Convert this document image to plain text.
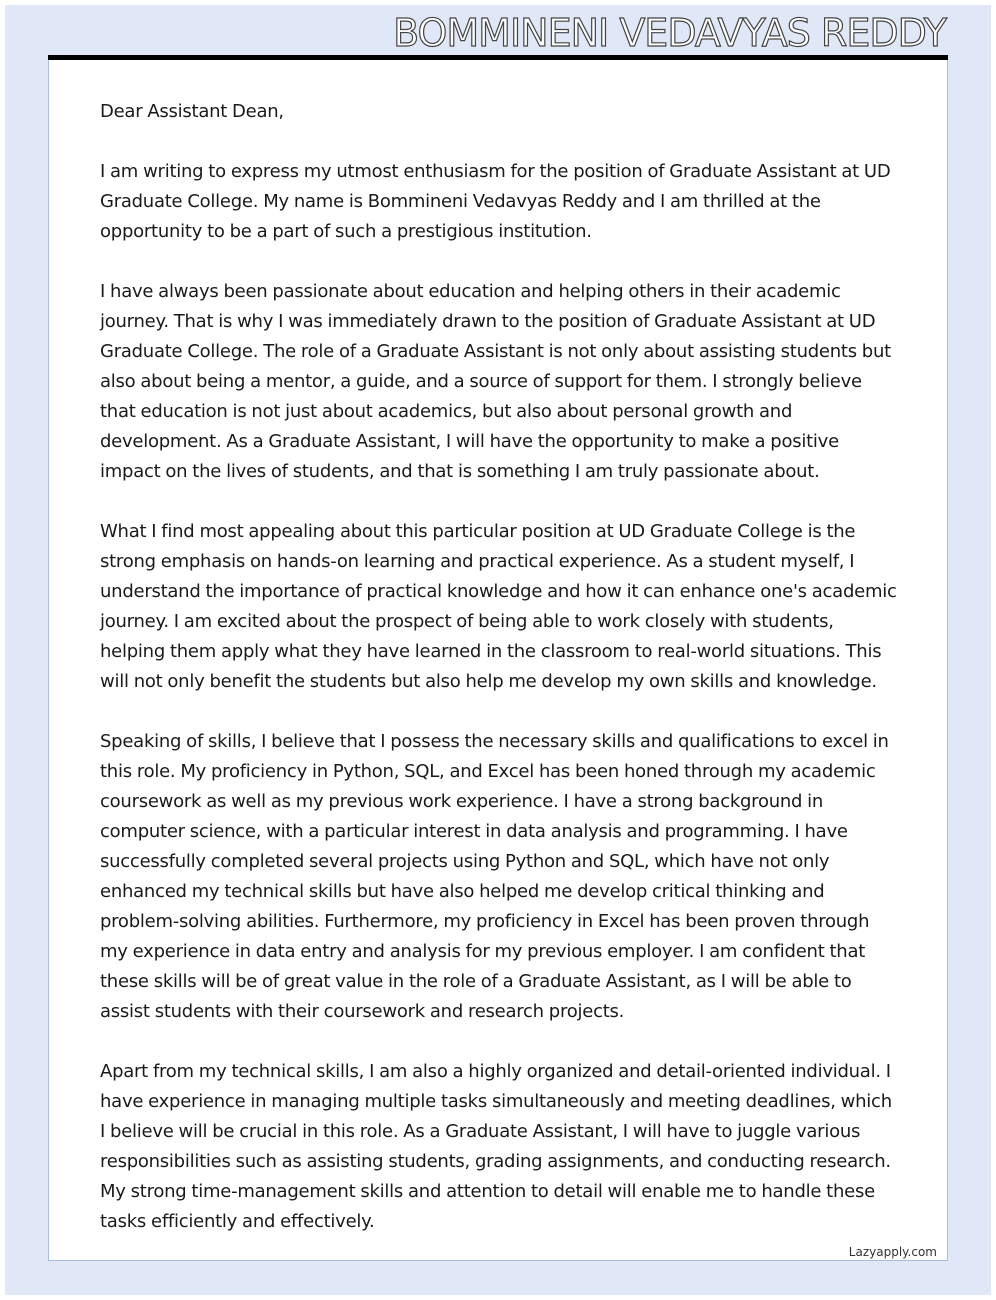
BOMMINENI VEDAVYAS REDDY

Dear Assistant Dean,

I am writing to express my utmost enthusiasm for the position of Graduate Assistant at UD Graduate College. My name is Bommineni Vedavyas Reddy and I am thrilled at the opportunity to be a part of such a prestigious institution.

I have always been passionate about education and helping others in their academic journey. That is why I was immediately drawn to the position of Graduate Assistant at UD Graduate College. The role of a Graduate Assistant is not only about assisting students but also about being a mentor, a guide, and a source of support for them. I strongly believe that education is not just about academics, but also about personal growth and development. As a Graduate Assistant, I will have the opportunity to make a positive impact on the lives of students, and that is something I am truly passionate about.

What I find most appealing about this particular position at UD Graduate College is the strong emphasis on hands-on learning and practical experience. As a student myself, I understand the importance of practical knowledge and how it can enhance one's academic journey. I am excited about the prospect of being able to work closely with students, helping them apply what they have learned in the classroom to real-world situations. This will not only benefit the students but also help me develop my own skills and knowledge.

Speaking of skills, I believe that I possess the necessary skills and qualifications to excel in this role. My proficiency in Python, SQL, and Excel has been honed through my academic coursework as well as my previous work experience. I have a strong background in computer science, with a particular interest in data analysis and programming. I have successfully completed several projects using Python and SQL, which have not only enhanced my technical skills but have also helped me develop critical thinking and problem-solving abilities. Furthermore, my proficiency in Excel has been proven through my experience in data entry and analysis for my previous employer. I am confident that these skills will be of great value in the role of a Graduate Assistant, as I will be able to assist students with their coursework and research projects.

Apart from my technical skills, I am also a highly organized and detail-oriented individual. I have experience in managing multiple tasks simultaneously and meeting deadlines, which I believe will be crucial in this role. As a Graduate Assistant, I will have to juggle various responsibilities such as assisting students, grading assignments, and conducting research. My strong time-management skills and attention to detail will enable me to handle these tasks efficiently and effectively.

Lazyapply.com
